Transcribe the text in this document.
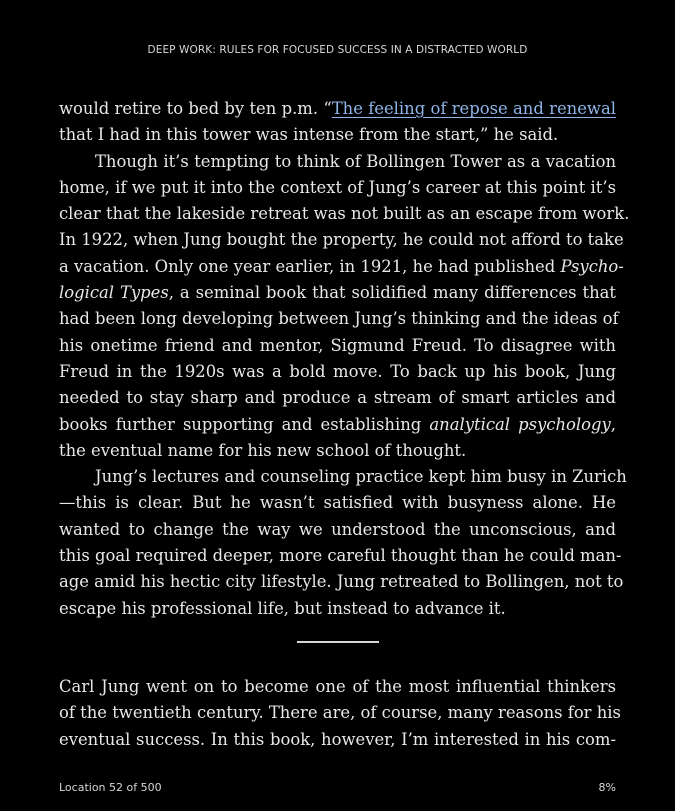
DEEP WORK: RULES FOR FOCUSED SUCCESS IN A DISTRACTED WORLD
would retire to bed by ten p.m. “The feeling of repose and renewal
that I had in this tower was intense from the start,” he said.
Though it’s tempting to think of Bollingen Tower as a vacation
home, if we put it into the context of Jung’s career at this point it’s
clear that the lakeside retreat was not built as an escape from work.
In 1922, when Jung bought the property, he could not afford to take
a vacation. Only one year earlier, in 1921, he had published Psycho-
logical Types, a seminal book that solidified many differences that
had been long developing between Jung’s thinking and the ideas of
his onetime friend and mentor, Sigmund Freud. To disagree with
Freud in the 1920s was a bold move. To back up his book, Jung
needed to stay sharp and produce a stream of smart articles and
books further supporting and establishing analytical psychology,
the eventual name for his new school of thought.
Jung’s lectures and counseling practice kept him busy in Zurich
—this is clear. But he wasn’t satisfied with busyness alone. He
wanted to change the way we understood the unconscious, and
this goal required deeper, more careful thought than he could man-
age amid his hectic city lifestyle. Jung retreated to Bollingen, not to
escape his professional life, but instead to advance it.
Carl Jung went on to become one of the most influential thinkers
of the twentieth century. There are, of course, many reasons for his
eventual success. In this book, however, I’m interested in his com-
Location 52 of 500	8%
